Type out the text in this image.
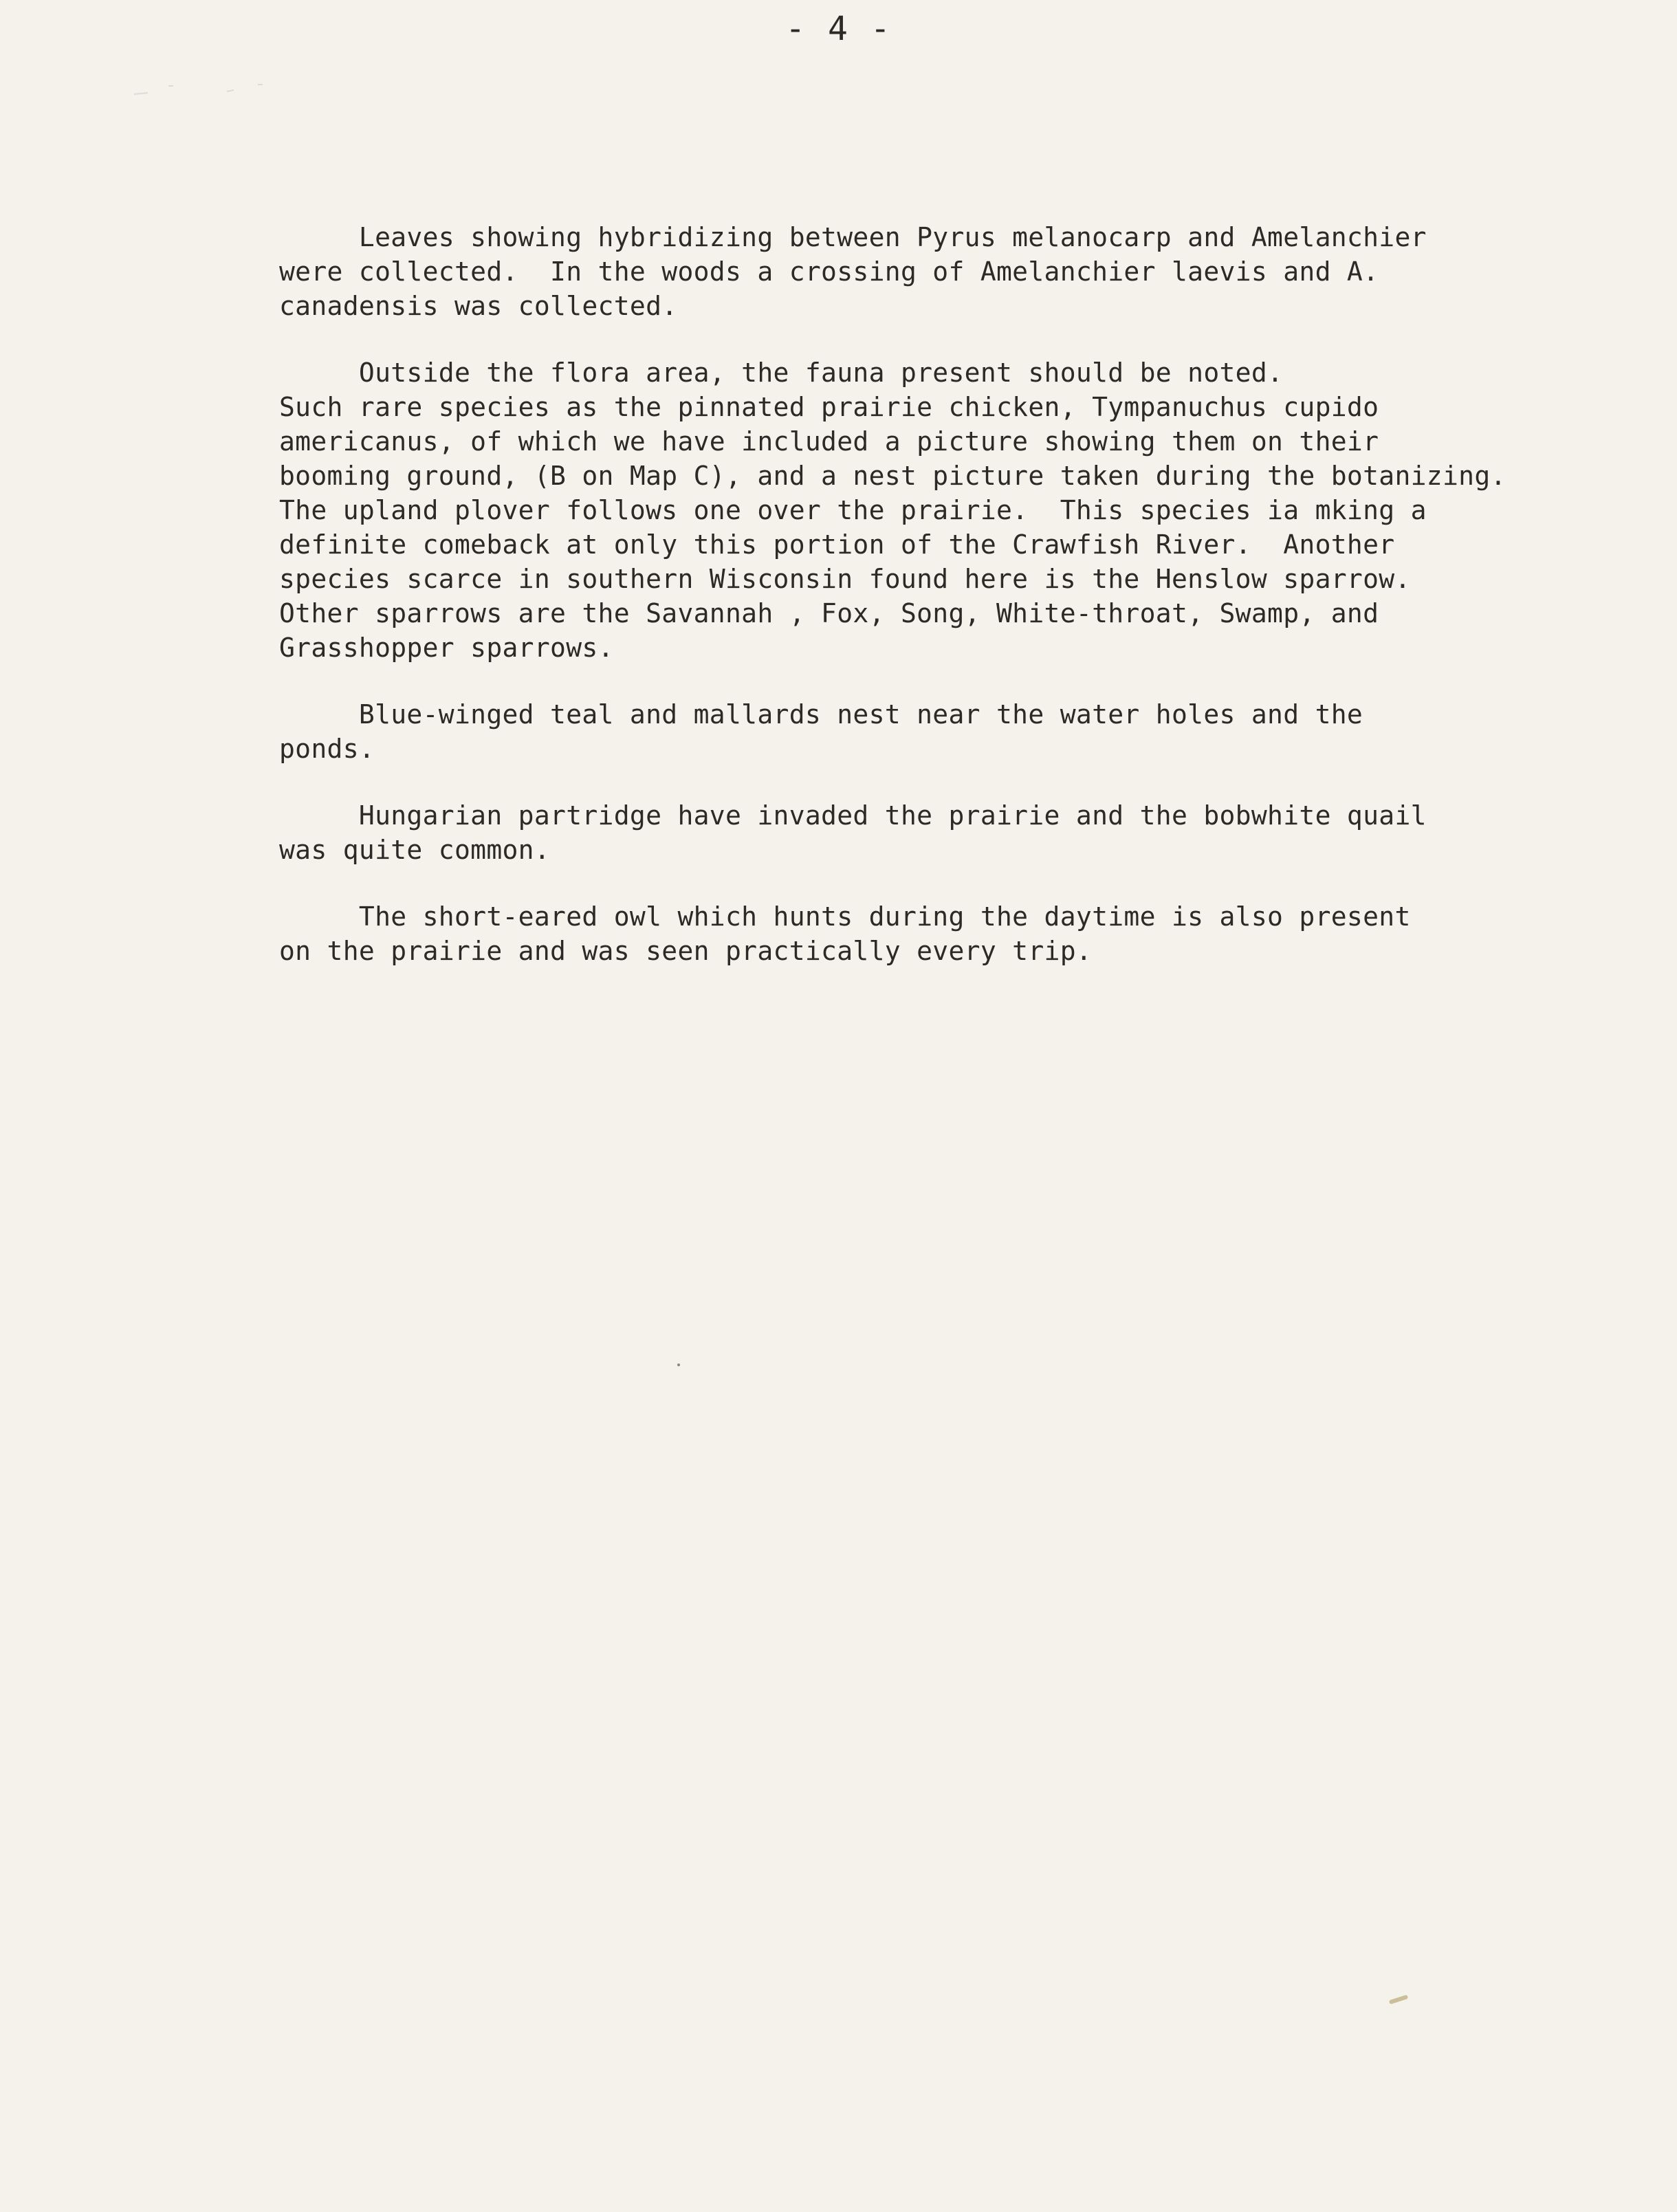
- 4 -

Leaves showing hybridizing between Pyrus melanocarp and Amelanchier
were collected.  In the woods a crossing of Amelanchier laevis and A.
canadensis was collected.

Outside the flora area, the fauna present should be noted.
Such rare species as the pinnated prairie chicken, Tympanuchus cupido
americanus, of which we have included a picture showing them on their
booming ground, (B on Map C), and a nest picture taken during the botanizing.
The upland plover follows one over the prairie.  This species ia mking a
definite comeback at only this portion of the Crawfish River.  Another
species scarce in southern Wisconsin found here is the Henslow sparrow.
Other sparrows are the Savannah , Fox, Song, White-throat, Swamp, and
Grasshopper sparrows.

Blue-winged teal and mallards nest near the water holes and the
ponds.

Hungarian partridge have invaded the prairie and the bobwhite quail
was quite common.

The short-eared owl which hunts during the daytime is also present
on the prairie and was seen practically every trip.
